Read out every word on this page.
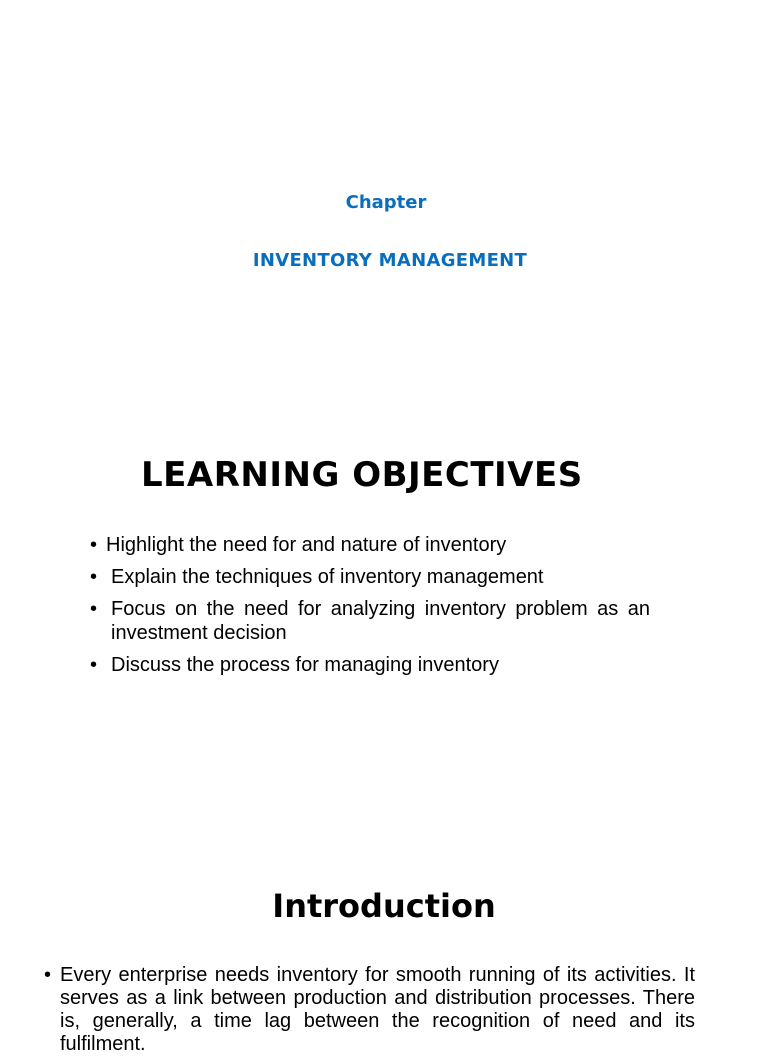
Chapter
INVENTORY MANAGEMENT
LEARNING OBJECTIVES
• Highlight the need for and nature of inventory
• Explain the techniques of inventory management
• Focus on the need for analyzing inventory problem as an investment decision
• Discuss the process for managing inventory
Introduction
• Every enterprise needs inventory for smooth running of its activities. It serves as a link between production and distribution processes. There is, generally, a time lag between the recognition of need and its fulfilment.
